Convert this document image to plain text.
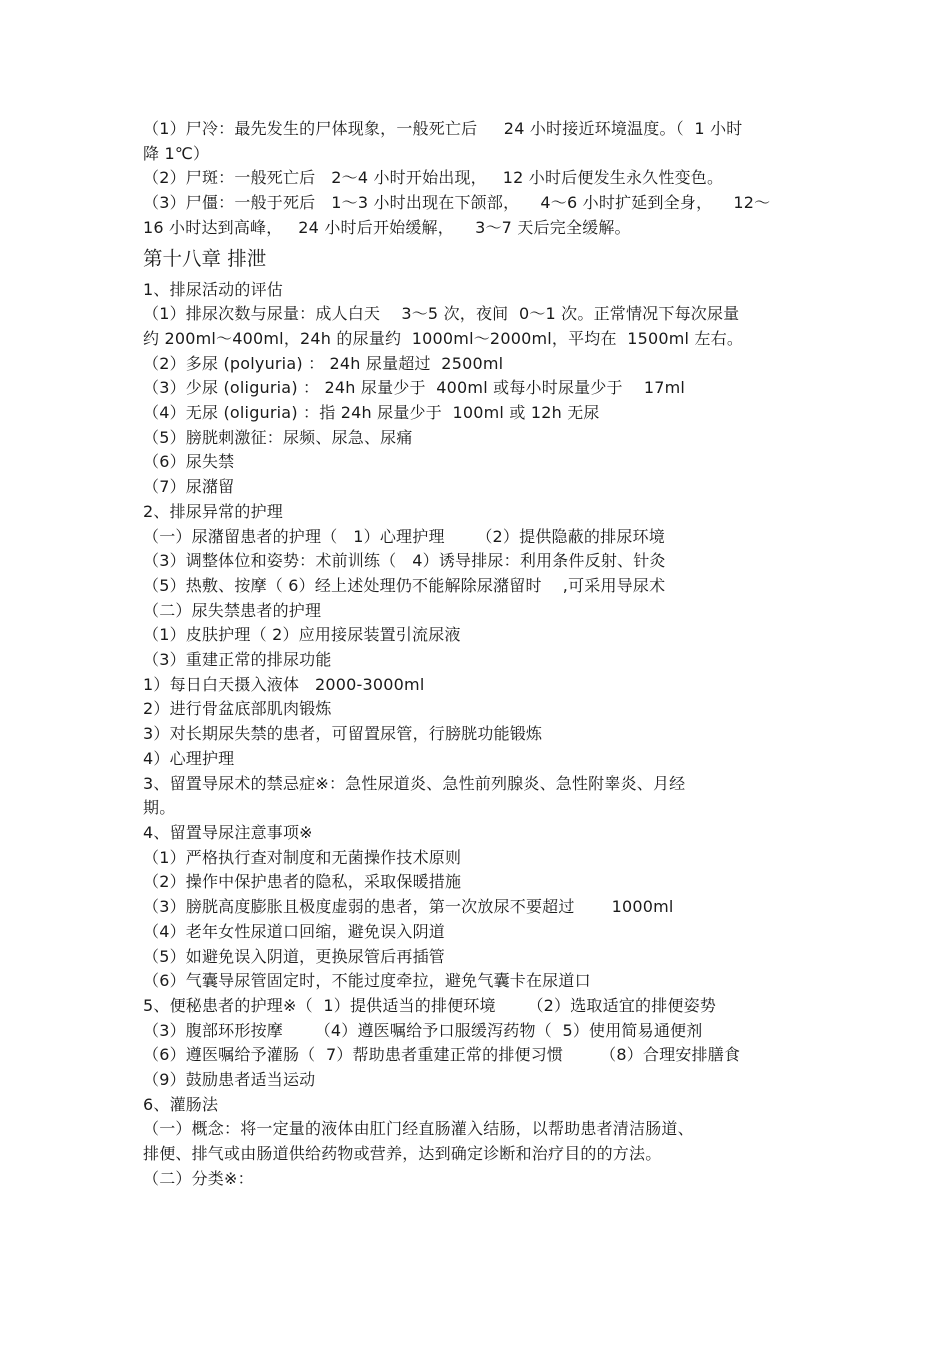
（1）尸冷：最先发生的尸体现象，一般死亡后     24 小时接近环境温度。（  1 小时
降 1℃）
（2）尸斑：一般死亡后   2～4 小时开始出现，   12 小时后便发生永久性变色。
（3）尸僵：一般于死后   1～3 小时出现在下颌部，    4～6 小时扩延到全身，    12～
16 小时达到高峰，   24 小时后开始缓解，    3～7 天后完全缓解。
第十八章 排泄
1、排尿活动的评估
（1）排尿次数与尿量：成人白天    3～5 次，夜间  0～1 次。正常情况下每次尿量
约 200ml～400ml，24h 的尿量约  1000ml～2000ml，平均在  1500ml 左右。
（2）多尿 (polyuria) ： 24h 尿量超过  2500ml
（3）少尿 (oliguria) ： 24h 尿量少于  400ml 或每小时尿量少于    17ml
（4）无尿 (oliguria) ：指 24h 尿量少于  100ml 或 12h 无尿
（5）膀胱刺激征：尿频、尿急、尿痛
（6）尿失禁
（7）尿潴留
2、排尿异常的护理
（一）尿潴留患者的护理（   1）心理护理      （2）提供隐蔽的排尿环境
（3）调整体位和姿势：术前训练（   4）诱导排尿：利用条件反射、针灸
（5）热敷、按摩（ 6）经上述处理仍不能解除尿潴留时    ,可采用导尿术
（二）尿失禁患者的护理
（1）皮肤护理（ 2）应用接尿装置引流尿液
（3）重建正常的排尿功能
1）每日白天摄入液体   2000-3000ml
2）进行骨盆底部肌肉锻炼
3）对长期尿失禁的患者，可留置尿管，行膀胱功能锻炼
4）心理护理
3、留置导尿术的禁忌症※：急性尿道炎、急性前列腺炎、急性附睾炎、月经
期。
4、留置导尿注意事项※
（1）严格执行查对制度和无菌操作技术原则
（2）操作中保护患者的隐私，采取保暖措施
（3）膀胱高度膨胀且极度虚弱的患者，第一次放尿不要超过       1000ml
（4）老年女性尿道口回缩，避免误入阴道
（5）如避免误入阴道，更换尿管后再插管
（6）气囊导尿管固定时，不能过度牵拉，避免气囊卡在尿道口
5、便秘患者的护理※（  1）提供适当的排便环境      （2）选取适宜的排便姿势
（3）腹部环形按摩      （4）遵医嘱给予口服缓泻药物（  5）使用简易通便剂
（6）遵医嘱给予灌肠（  7）帮助患者重建正常的排便习惯       （8）合理安排膳食
（9）鼓励患者适当运动
6、灌肠法
（一）概念：将一定量的液体由肛门经直肠灌入结肠，以帮助患者清洁肠道、
排便、排气或由肠道供给药物或营养，达到确定诊断和治疗目的的方法。
（二）分类※：
